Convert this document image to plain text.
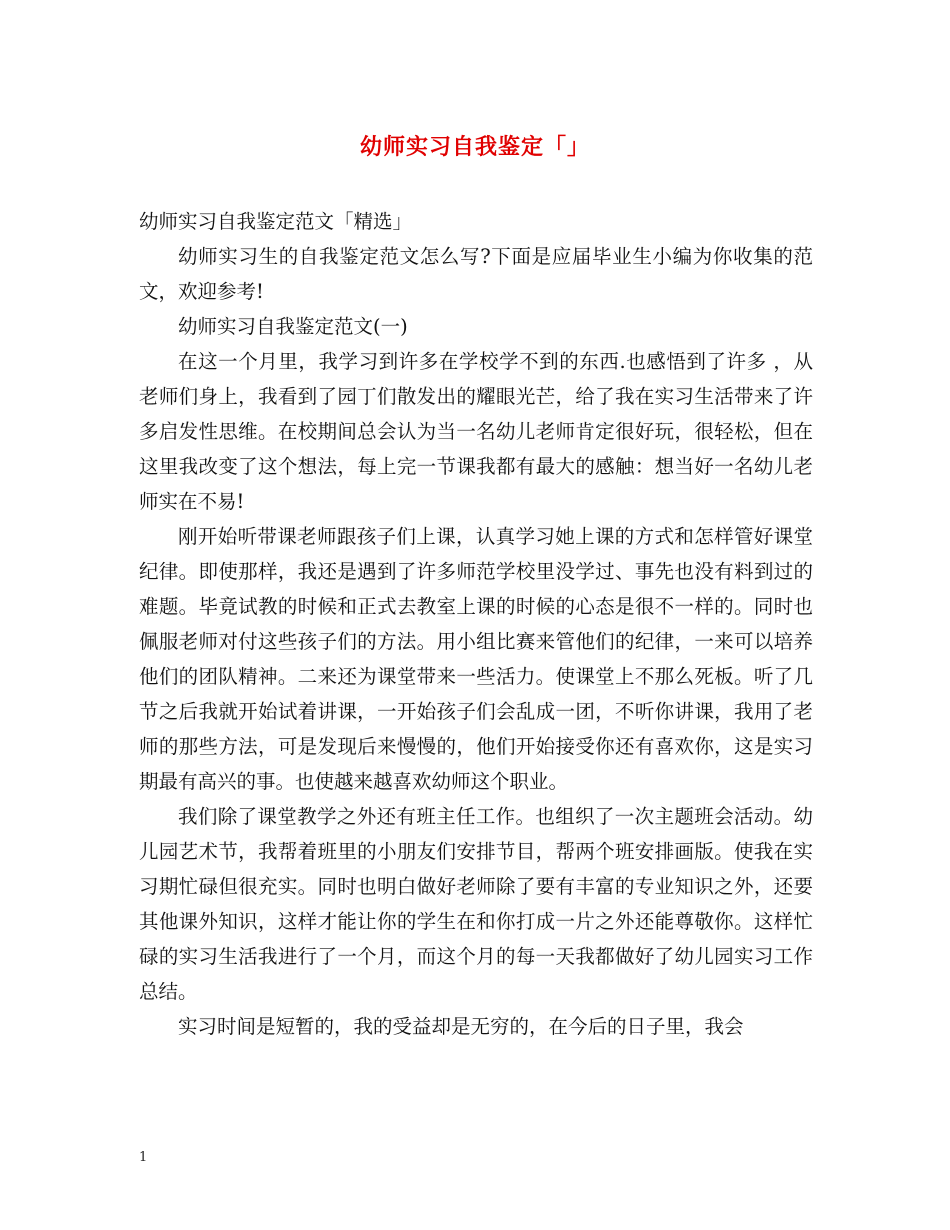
幼师实习自我鉴定「」

幼师实习自我鉴定范文「精选」

幼师实习生的自我鉴定范文怎么写?下面是应届毕业生小编为你收集的范文，欢迎参考!

幼师实习自我鉴定范文(一)

在这一个月里，我学习到许多在学校学不到的东西.也感悟到了许多 ，从老师们身上，我看到了园丁们散发出的耀眼光芒，给了我在实习生活带来了许多启发性思维。在校期间总会认为当一名幼儿老师肯定很好玩，很轻松，但在这里我改变了这个想法，每上完一节课我都有最大的感触：想当好一名幼儿老师实在不易!

刚开始听带课老师跟孩子们上课，认真学习她上课的方式和怎样管好课堂纪律。即使那样，我还是遇到了许多师范学校里没学过、事先也没有料到过的难题。毕竟试教的时候和正式去教室上课的时候的心态是很不一样的。同时也佩服老师对付这些孩子们的方法。用小组比赛来管他们的纪律，一来可以培养他们的团队精神。二来还为课堂带来一些活力。使课堂上不那么死板。听了几节之后我就开始试着讲课，一开始孩子们会乱成一团，不听你讲课，我用了老师的那些方法，可是发现后来慢慢的，他们开始接受你还有喜欢你，这是实习期最有高兴的事。也使越来越喜欢幼师这个职业。

我们除了课堂教学之外还有班主任工作。也组织了一次主题班会活动。幼儿园艺术节，我帮着班里的小朋友们安排节目，帮两个班安排画版。使我在实习期忙碌但很充实。同时也明白做好老师除了要有丰富的专业知识之外，还要其他课外知识，这样才能让你的学生在和你打成一片之外还能尊敬你。这样忙碌的实习生活我进行了一个月，而这个月的每一天我都做好了幼儿园实习工作总结。

实习时间是短暂的，我的受益却是无穷的，在今后的日子里，我会

1
